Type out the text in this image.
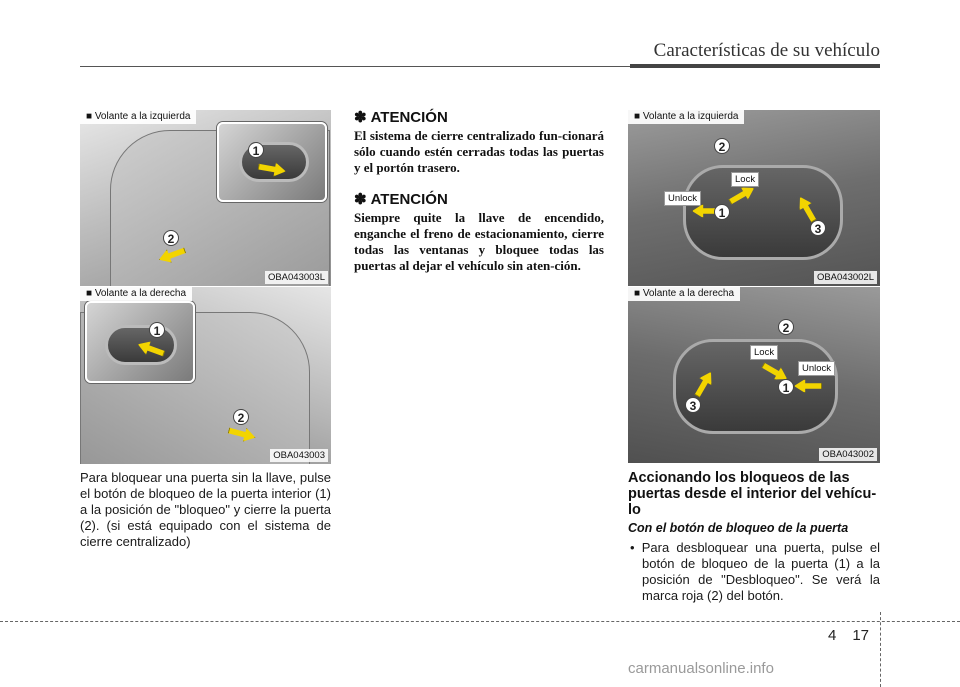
Características de su vehículo
1
2
■ Volante a la izquierda
OBA043003L
1
2
■ Volante a la derecha
OBA043003
Para bloquear una puerta sin la llave, pulse el botón de bloqueo de la puerta interior (1) a la posición de "bloqueo" y cierre la puerta (2). (si está equipado con el sistema de cierre centralizado)
✽ ATENCIÓN
El sistema de cierre centralizado fun-cionará sólo cuando estén cerradas todas las puertas y el portón trasero.
✽ ATENCIÓN
Siempre quite la llave de encendido, enganche el freno de estacionamiento, cierre todas las ventanas y bloquee todas las puertas al dejar el vehículo sin aten-ción.
2
Lock
Unlock
1
3
■ Volante a la izquierda
OBA043002L
2
Lock
Unlock
1
3
■ Volante a la derecha
OBA043002
Accionando los bloqueos de las puertas desde el interior del vehícu-lo
Con el botón de bloqueo de la puerta
• Para desbloquear una puerta, pulse el botón de bloqueo de la puerta (1) a la posición de "Desbloqueo". Se verá la marca roja (2) del botón.
4 17
carmanualsonline.info
